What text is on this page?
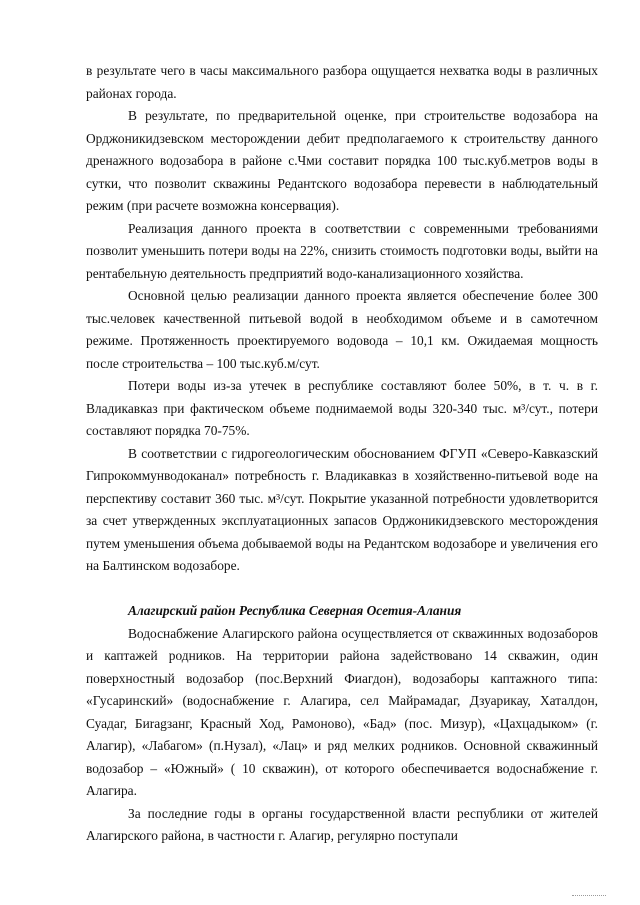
в результате чего в часы максимального разбора ощущается нехватка воды в различных районах города.

В результате, по предварительной оценке, при строительстве водозабора на Орджоникидзевском месторождении дебит предполагаемого к строительству данного дренажного водозабора в районе с.Чми составит порядка 100 тыс.куб.метров воды в сутки, что позволит скважины Редантского водозабора перевести в наблюдательный режим (при расчете возможна консервация).

Реализация данного проекта в соответствии с современными требованиями позволит уменьшить потери воды на 22%, снизить стоимость подготовки воды, выйти на рентабельную деятельность предприятий водо-канализационного хозяйства.

Основной целью реализации данного проекта является обеспечение более 300 тыс.человек качественной питьевой водой в необходимом объеме и в самотечном режиме. Протяженность проектируемого водовода – 10,1 км. Ожидаемая мощность после строительства – 100 тыс.куб.м/сут.

Потери воды из-за утечек в республике составляют более 50%, в т. ч. в г. Владикавказ при фактическом объеме поднимаемой воды 320-340 тыс. м³/сут., потери составляют порядка 70-75%.

В соответствии с гидрогеологическим обоснованием ФГУП «Северо-Кавказский Гипрокоммунводоканал» потребность г. Владикавказ в хозяйственно-питьевой воде на перспективу составит 360 тыс. м³/сут. Покрытие указанной потребности удовлетворится за счет утвержденных эксплуатационных запасов Орджоникидзевского месторождения путем уменьшения объема добываемой воды на Редантском водозаборе и увеличения его на Балтинском водозаборе.

Алагирский район Республика Северная Осетия-Алания

Водоснабжение Алагирского района осуществляется от скважинных водозаборов и каптажей родников. На территории района задействовано 14 скважин, один поверхностный водозабор (пос.Верхний Фиагдон), водозаборы каптажного типа: «Гусаринский» (водоснабжение г. Алагира, сел Майрамадаг, Дзуарикау, Хаталдон, Суадаг, Биragзанг, Красный Ход, Рамоново), «Бад» (пос. Мизур), «Цахцадыком» (г. Алагир), «Лабагом» (п.Нузал), «Лац» и ряд мелких родников. Основной скважинный водозабор – «Южный» ( 10 скважин), от которого обеспечивается водоснабжение г. Алагира.

За последние годы в органы государственной власти республики от жителей Алагирского района, в частности г. Алагир, регулярно поступали
